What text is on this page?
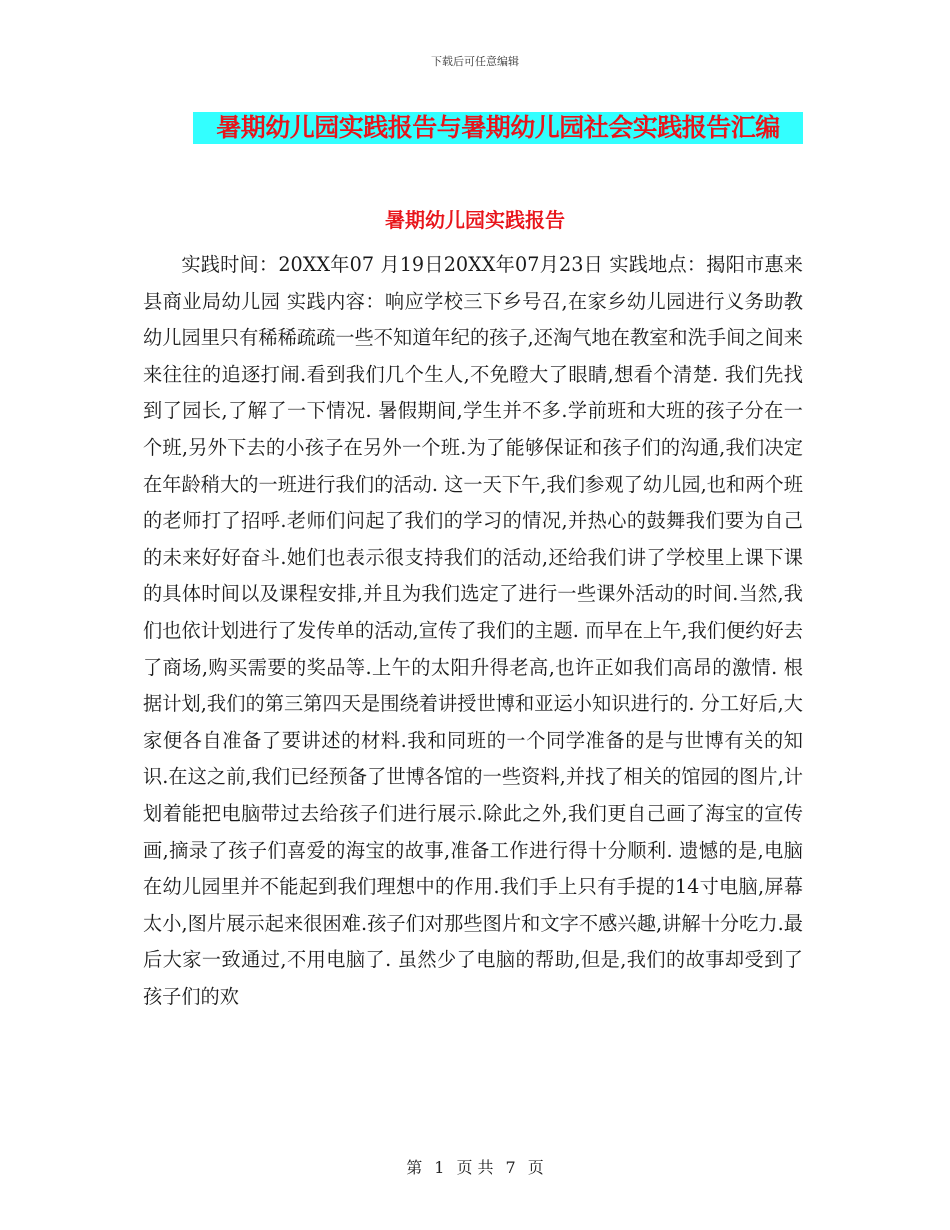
下载后可任意编辑
暑期幼儿园实践报告与暑期幼儿园社会实践报告汇编
暑期幼儿园实践报告

实践时间：20XX年07 月19日20XX年07月23日 实践地点：揭阳市惠来县商业局幼儿园 实践内容：响应学校三下乡号召,在家乡幼儿园进行义务助教幼儿园里只有稀稀疏疏一些不知道年纪的孩子,还淘气地在教室和洗手间之间来来往往的追逐打闹.看到我们几个生人,不免瞪大了眼睛,想看个清楚. 我们先找到了园长,了解了一下情况. 暑假期间,学生并不多.学前班和大班的孩子分在一个班,另外下去的小孩子在另外一个班.为了能够保证和孩子们的沟通,我们决定在年龄稍大的一班进行我们的活动. 这一天下午,我们参观了幼儿园,也和两个班的老师打了招呼.老师们问起了我们的学习的情况,并热心的鼓舞我们要为自己的未来好好奋斗.她们也表示很支持我们的活动,还给我们讲了学校里上课下课的具体时间以及课程安排,并且为我们选定了进行一些课外活动的时间.当然,我们也依计划进行了发传单的活动,宣传了我们的主题. 而早在上午,我们便约好去了商场,购买需要的奖品等.上午的太阳升得老高,也许正如我们高昂的激情. 根据计划,我们的第三第四天是围绕着讲授世博和亚运小知识进行的. 分工好后,大家便各自准备了要讲述的材料.我和同班的一个同学准备的是与世博有关的知识.在这之前,我们已经预备了世博各馆的一些资料,并找了相关的馆园的图片,计划着能把电脑带过去给孩子们进行展示.除此之外,我们更自己画了海宝的宣传画,摘录了孩子们喜爱的海宝的故事,准备工作进行得十分顺利. 遗憾的是,电脑在幼儿园里并不能起到我们理想中的作用.我们手上只有手提的14寸电脑,屏幕太小,图片展示起来很困难.孩子们对那些图片和文字不感兴趣,讲解十分吃力.最后大家一致通过,不用电脑了. 虽然少了电脑的帮助,但是,我们的故事却受到了孩子们的欢

第 1 页 共 7 页
